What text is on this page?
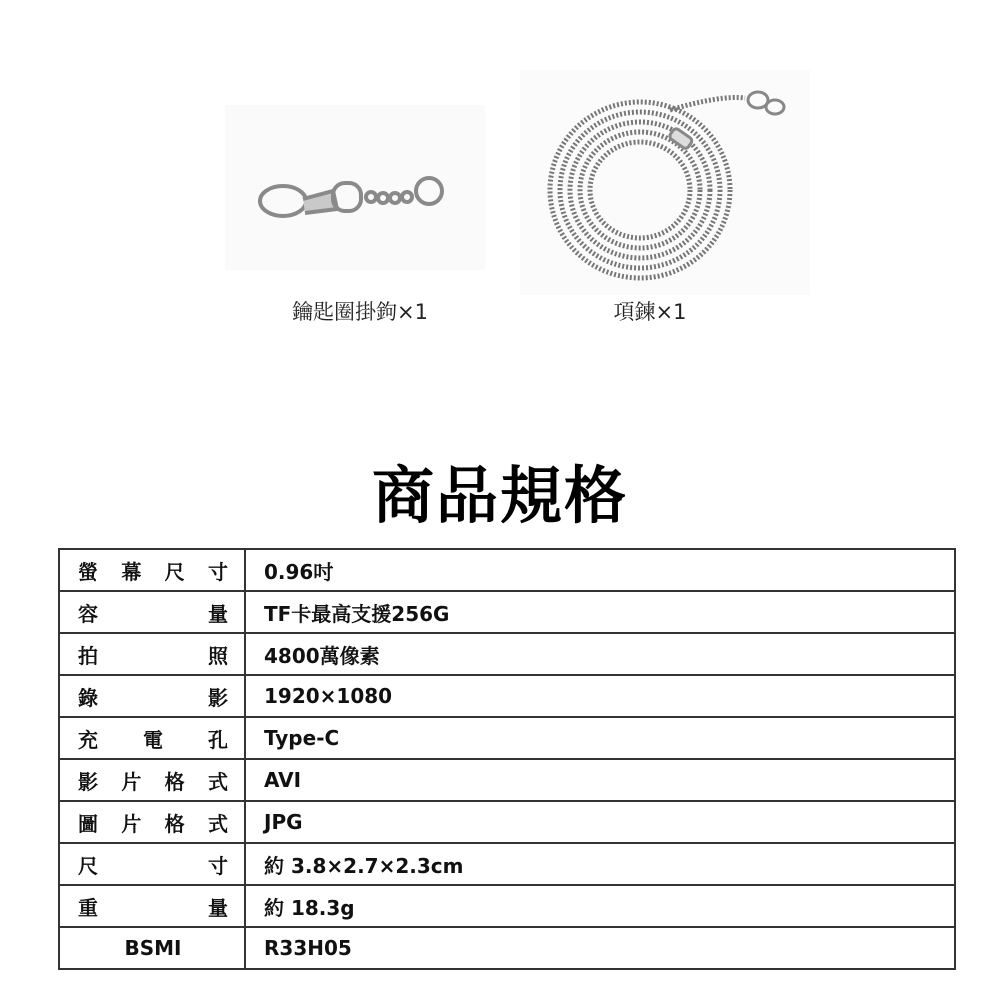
鑰匙圈掛鉤×1	項鍊×1
商品規格
螢 幕 尺 寸	0.96吋

容 量	TF卡最高支援256G

拍 照	4800萬像素

錄 影	1920×1080

充 電 孔	Type-C

影 片 格 式	AVI

圖 片 格 式	JPG

尺 寸	約 3.8×2.7×2.3cm

重 量	約 18.3g

BSMI	R33H05
